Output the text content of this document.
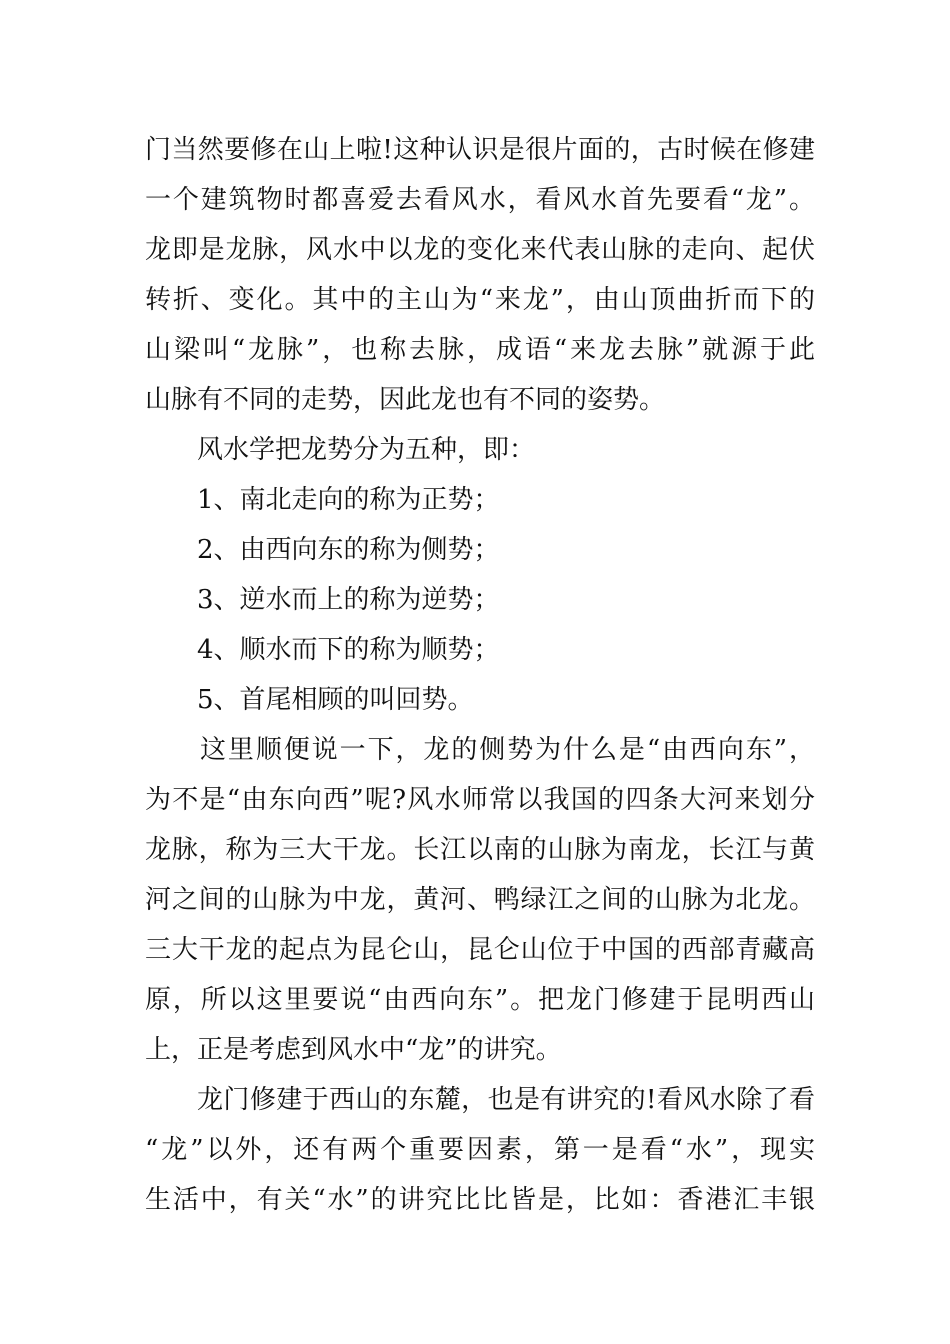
门当然要修在山上啦!这种认识是很片面的，古时候在修建
一个建筑物时都喜爱去看风水，看风水首先要看“龙”。
龙即是龙脉，风水中以龙的变化来代表山脉的走向、起伏
转折、变化。其中的主山为“来龙”，由山顶曲折而下的
山梁叫“龙脉”，也称去脉，成语“来龙去脉”就源于此
山脉有不同的走势，因此龙也有不同的姿势。
风水学把龙势分为五种，即：
1、南北走向的称为正势；
2、由西向东的称为侧势；
3、逆水而上的称为逆势；
4、顺水而下的称为顺势；
5、首尾相顾的叫回势。
这里顺便说一下，龙的侧势为什么是“由西向东”，
为不是“由东向西”呢?风水师常以我国的四条大河来划分
龙脉，称为三大干龙。长江以南的山脉为南龙，长江与黄
河之间的山脉为中龙，黄河、鸭绿江之间的山脉为北龙。
三大干龙的起点为昆仑山，昆仑山位于中国的西部青藏高
原，所以这里要说“由西向东”。把龙门修建于昆明西山
上，正是考虑到风水中“龙”的讲究。
龙门修建于西山的东麓，也是有讲究的!看风水除了看
“龙”以外，还有两个重要因素，第一是看“水”，现实
生活中，有关“水”的讲究比比皆是，比如：香港汇丰银
